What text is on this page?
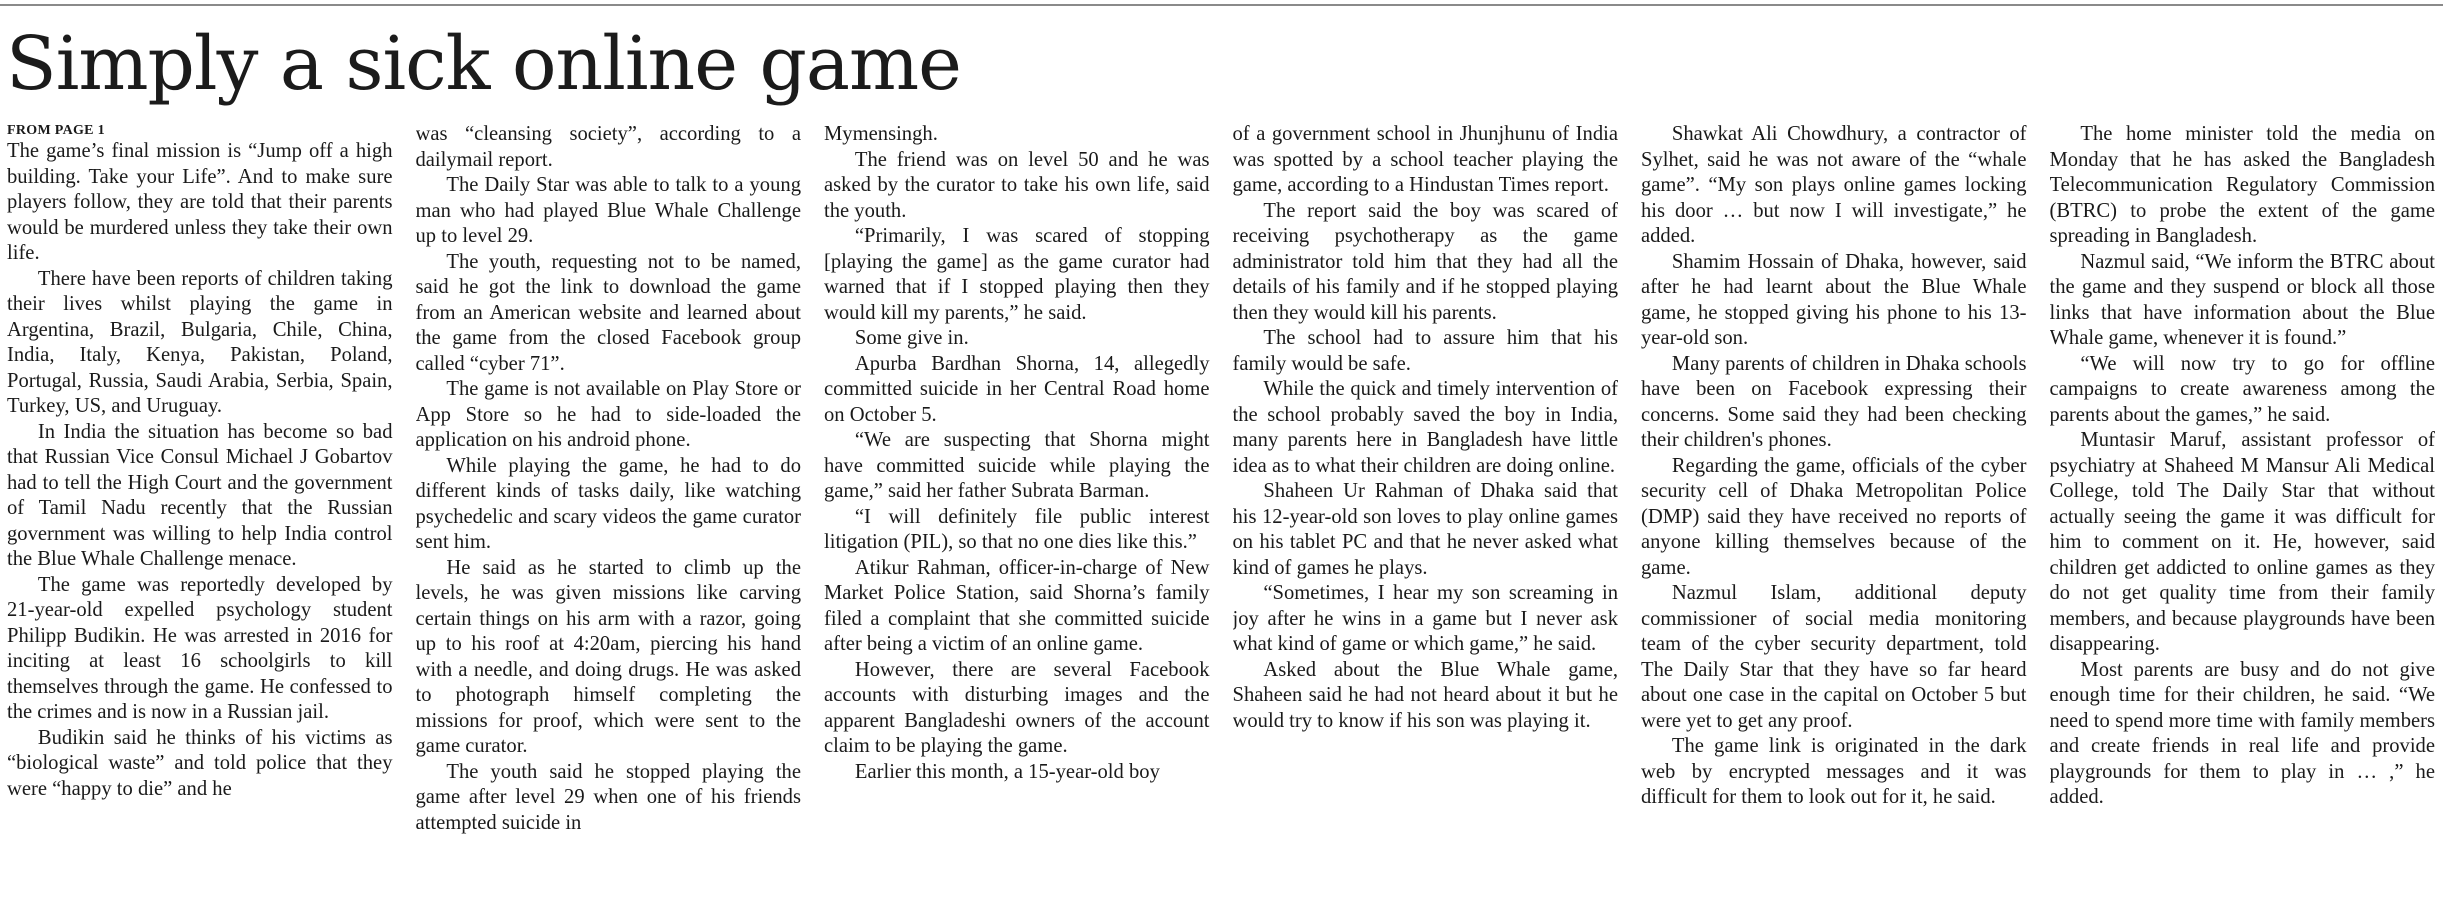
Simply a sick online game
FROM PAGE 1

The game’s final mission is “Jump off a high building. Take your Life”. And to make sure players follow, they are told that their parents would be murdered unless they take their own life.

There have been reports of children taking their lives whilst playing the game in Argentina, Brazil, Bulgaria, Chile, China, India, Italy, Kenya, Pakistan, Poland, Portugal, Russia, Saudi Arabia, Serbia, Spain, Turkey, US, and Uruguay.

In India the situation has become so bad that Russian Vice Consul Michael J Gobartov had to tell the High Court and the government of Tamil Nadu recently that the Russian government was willing to help India control the Blue Whale Challenge menace.

The game was reportedly developed by 21-year-old expelled psychology student Philipp Budikin. He was arrested in 2016 for inciting at least 16 schoolgirls to kill themselves through the game. He confessed to the crimes and is now in a Russian jail.

Budikin said he thinks of his victims as “biological waste” and told police that they were “happy to die” and he

was “cleansing society”, according to a dailymail report.

The Daily Star was able to talk to a young man who had played Blue Whale Challenge up to level 29.

The youth, requesting not to be named, said he got the link to download the game from an American website and learned about the game from the closed Facebook group called “cyber 71”.

The game is not available on Play Store or App Store so he had to side-loaded the application on his android phone.

While playing the game, he had to do different kinds of tasks daily, like watching psychedelic and scary videos the game curator sent him.

He said as he started to climb up the levels, he was given missions like carving certain things on his arm with a razor, going up to his roof at 4:20am, piercing his hand with a needle, and doing drugs. He was asked to photograph himself completing the missions for proof, which were sent to the game curator.

The youth said he stopped playing the game after level 29 when one of his friends attempted suicide in

Mymensingh.

The friend was on level 50 and he was asked by the curator to take his own life, said the youth.

“Primarily, I was scared of stopping [playing the game] as the game curator had warned that if I stopped playing then they would kill my parents,” he said.

Some give in.

Apurba Bardhan Shorna, 14, allegedly committed suicide in her Central Road home on October 5.

“We are suspecting that Shorna might have committed suicide while playing the game,” said her father Subrata Barman.

“I will definitely file public interest litigation (PIL), so that no one dies like this.”

Atikur Rahman, officer-in-charge of New Market Police Station, said Shorna’s family filed a complaint that she committed suicide after being a victim of an online game.

However, there are several Facebook accounts with disturbing images and the apparent Bangladeshi owners of the account claim to be playing the game.

Earlier this month, a 15-year-old boy

of a government school in Jhunjhunu of India was spotted by a school teacher playing the game, according to a Hindustan Times report.

The report said the boy was scared of receiving psychotherapy as the game administrator told him that they had all the details of his family and if he stopped playing then they would kill his parents.

The school had to assure him that his family would be safe.

While the quick and timely intervention of the school probably saved the boy in India, many parents here in Bangladesh have little idea as to what their children are doing online.

Shaheen Ur Rahman of Dhaka said that his 12-year-old son loves to play online games on his tablet PC and that he never asked what kind of games he plays.

“Sometimes, I hear my son screaming in joy after he wins in a game but I never ask what kind of game or which game,” he said.

Asked about the Blue Whale game, Shaheen said he had not heard about it but he would try to know if his son was playing it.

Shawkat Ali Chowdhury, a contractor of Sylhet, said he was not aware of the “whale game”. “My son plays online games locking his door … but now I will investigate,” he added.

Shamim Hossain of Dhaka, however, said after he had learnt about the Blue Whale game, he stopped giving his phone to his 13-year-old son.

Many parents of children in Dhaka schools have been on Facebook expressing their concerns. Some said they had been checking their children's phones.

Regarding the game, officials of the cyber security cell of Dhaka Metropolitan Police (DMP) said they have received no reports of anyone killing themselves because of the game.

Nazmul Islam, additional deputy commissioner of social media monitoring team of the cyber security department, told The Daily Star that they have so far heard about one case in the capital on October 5 but were yet to get any proof.

The game link is originated in the dark web by encrypted messages and it was difficult for them to look out for it, he said.

The home minister told the media on Monday that he has asked the Bangladesh Telecommunication Regulatory Commission (BTRC) to probe the extent of the game spreading in Bangladesh.

Nazmul said, “We inform the BTRC about the game and they suspend or block all those links that have information about the Blue Whale game, whenever it is found.”

“We will now try to go for offline campaigns to create awareness among the parents about the games,” he said.

Muntasir Maruf, assistant professor of psychiatry at Shaheed M Mansur Ali Medical College, told The Daily Star that without actually seeing the game it was difficult for him to comment on it. He, however, said children get addicted to online games as they do not get quality time from their family members, and because playgrounds have been disappearing.

Most parents are busy and do not give enough time for their children, he said. “We need to spend more time with family members and create friends in real life and provide playgrounds for them to play in … ,” he added.
